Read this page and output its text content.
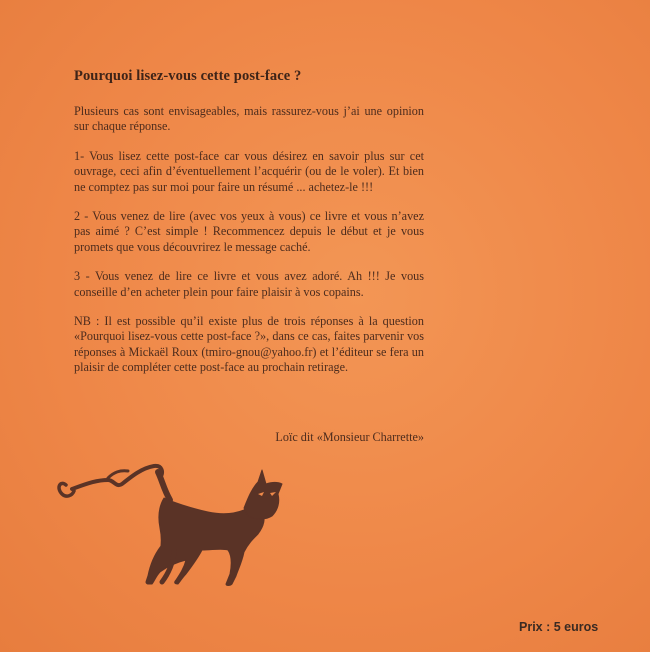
Pourquoi lisez-vous cette post-face ?

Plusieurs cas sont envisageables, mais rassurez-vous j’ai une opinion sur chaque réponse.

1- Vous lisez cette post-face car vous désirez en savoir plus sur cet ouvrage, ceci afin d’éventuellement l’acquérir (ou de le voler). Et bien ne comptez pas sur moi pour faire un résumé ... achetez-le !!!

2 - Vous venez de lire (avec vos yeux à vous) ce livre et vous n’avez pas aimé ? C’est simple ! Recommencez depuis le début et je vous promets que vous découvrirez le message caché.

3 - Vous venez de lire ce livre et vous avez adoré. Ah !!! Je vous conseille d’en acheter plein pour faire plaisir à vos copains.

NB : Il est possible qu’il existe plus de trois réponses à la question «Pourquoi lisez-vous cette post-face ?», dans ce cas, faites parvenir vos réponses à Mickaël Roux (tmiro-gnou@yahoo.fr) et l’éditeur se fera un plaisir de compléter cette post-face au prochain retirage.

Loïc dit «Monsieur Charrette»
Prix : 5 euros
